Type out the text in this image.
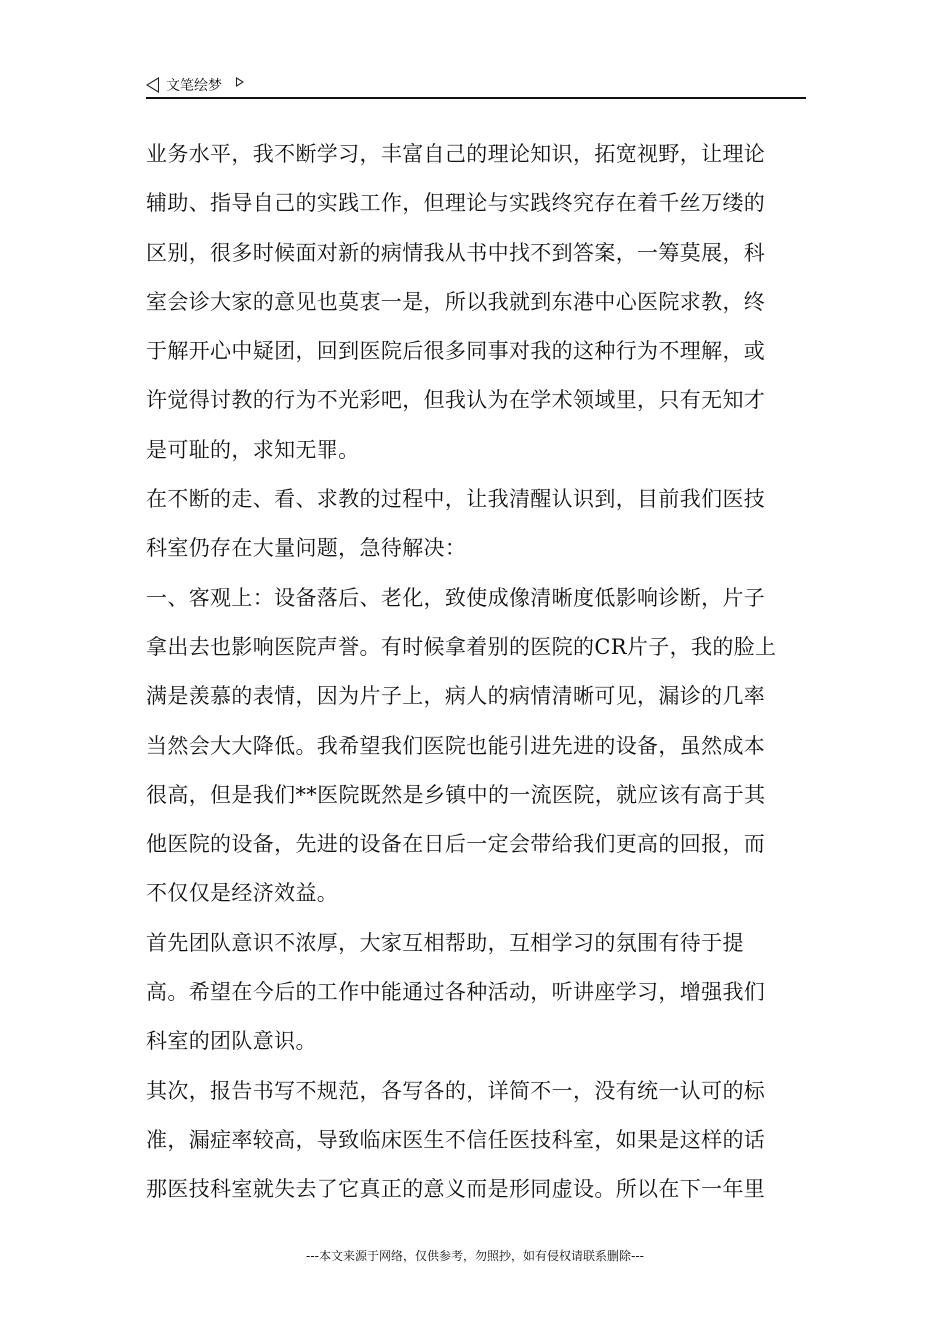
文笔绘梦
业务水平，我不断学习，丰富自己的理论知识，拓宽视野，让理论
辅助、指导自己的实践工作，但理论与实践终究存在着千丝万缕的
区别，很多时候面对新的病情我从书中找不到答案，一筹莫展，科
室会诊大家的意见也莫衷一是，所以我就到东港中心医院求教，终
于解开心中疑团，回到医院后很多同事对我的这种行为不理解，或
许觉得讨教的行为不光彩吧，但我认为在学术领域里，只有无知才
是可耻的，求知无罪。
在不断的走、看、求教的过程中，让我清醒认识到，目前我们医技
科室仍存在大量问题，急待解决：
一、客观上：设备落后、老化，致使成像清晰度低影响诊断，片子
拿出去也影响医院声誉。有时候拿着别的医院的CR片子，我的脸上
满是羡慕的表情，因为片子上，病人的病情清晰可见，漏诊的几率
当然会大大降低。我希望我们医院也能引进先进的设备，虽然成本
很高，但是我们**医院既然是乡镇中的一流医院，就应该有高于其
他医院的设备，先进的设备在日后一定会带给我们更高的回报，而
不仅仅是经济效益。
首先团队意识不浓厚，大家互相帮助，互相学习的氛围有待于提
高。希望在今后的工作中能通过各种活动，听讲座学习，增强我们
科室的团队意识。
其次，报告书写不规范，各写各的，详简不一，没有统一认可的标
准，漏症率较高，导致临床医生不信任医技科室，如果是这样的话
那医技科室就失去了它真正的意义而是形同虚设。所以在下一年里
---本文来源于网络，仅供参考，勿照抄，如有侵权请联系删除---
